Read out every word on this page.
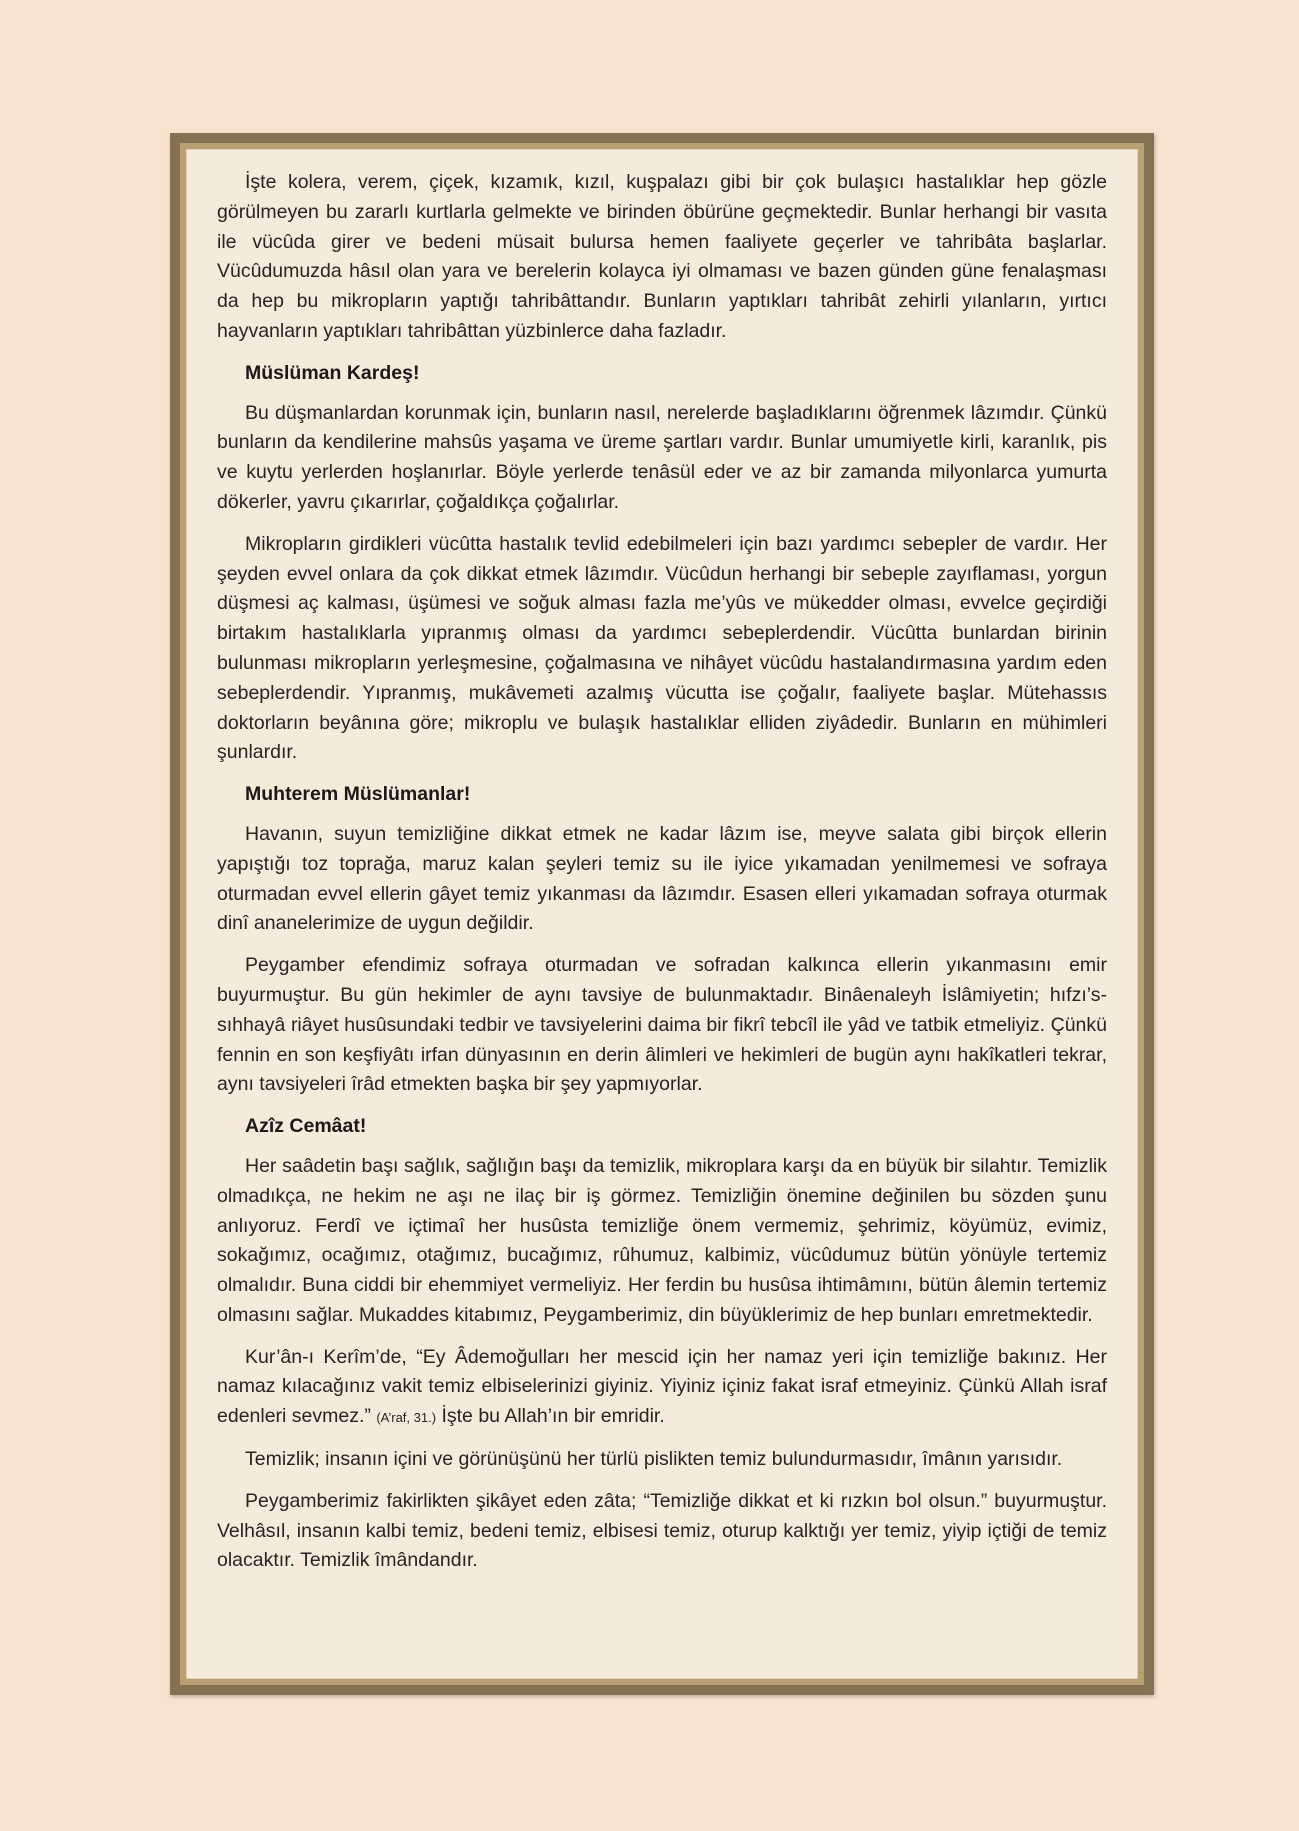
İşte kolera, verem, çiçek, kızamık, kızıl, kuşpalazı gibi bir çok bulaşıcı hastalıklar hep gözle görülmeyen bu zararlı kurtlarla gelmekte ve birinden öbürüne geçmektedir. Bunlar herhangi bir vasıta ile vücûda girer ve bedeni müsait bulursa hemen faaliyete geçerler ve tahribâta başlarlar. Vücûdumuzda hâsıl olan yara ve berelerin kolayca iyi olmaması ve bazen günden güne fenalaşması da hep bu mikropların yaptığı tahribâttandır. Bunların yaptıkları tahribât zehirli yılanların, yırtıcı hayvanların yaptıkları tahribâttan yüzbinlerce daha fazladır.

Müslüman Kardeş!

Bu düşmanlardan korunmak için, bunların nasıl, nerelerde başladıklarını öğrenmek lâzımdır. Çünkü bunların da kendilerine mahsûs yaşama ve üreme şartları vardır. Bunlar umumiyetle kirli, karanlık, pis ve kuytu yerlerden hoşlanırlar. Böyle yerlerde tenâsül eder ve az bir zamanda milyonlarca yumurta dökerler, yavru çıkarırlar, çoğaldıkça çoğalırlar.

Mikropların girdikleri vücûtta hastalık tevlid edebilmeleri için bazı yardımcı sebepler de vardır. Her şeyden evvel onlara da çok dikkat etmek lâzımdır. Vücûdun herhangi bir sebeple zayıflaması, yorgun düşmesi aç kalması, üşümesi ve soğuk alması fazla me’yûs ve mükedder olması, evvelce geçirdiği birtakım hastalıklarla yıpranmış olması da yardımcı sebeplerdendir. Vücûtta bunlardan birinin bulunması mikropların yerleşmesine, çoğalmasına ve nihâyet vücûdu hastalandırmasına yardım eden sebeplerdendir. Yıpranmış, mukâvemeti azalmış vücutta ise çoğalır, faaliyete başlar. Mütehassıs doktorların beyânına göre; mikroplu ve bulaşık hastalıklar elliden ziyâdedir. Bunların en mühimleri şunlardır.

Muhterem Müslümanlar!

Havanın, suyun temizliğine dikkat etmek ne kadar lâzım ise, meyve salata gibi birçok ellerin yapıştığı toz toprağa, maruz kalan şeyleri temiz su ile iyice yıkamadan yenilmemesi ve sofraya oturmadan evvel ellerin gâyet temiz yıkanması da lâzımdır. Esasen elleri yıkamadan sofraya oturmak dinî ananelerimize de uygun değildir.

Peygamber efendimiz sofraya oturmadan ve sofradan kalkınca ellerin yıkanmasını emir buyurmuştur. Bu gün hekimler de aynı tavsiye de bulunmaktadır. Binâenaleyh İslâmiyetin; hıfzı’s-sıhhayâ riâyet husûsundaki tedbir ve tavsiyelerini daima bir fikrî tebcîl ile yâd ve tatbik etmeliyiz. Çünkü fennin en son keşfiyâtı irfan dünyasının en derin âlimleri ve hekimleri de bugün aynı hakîkatleri tekrar, aynı tavsiyeleri îrâd etmekten başka bir şey yapmıyorlar.

Azîz Cemâat!

Her saâdetin başı sağlık, sağlığın başı da temizlik, mikroplara karşı da en büyük bir silahtır. Temizlik olmadıkça, ne hekim ne aşı ne ilaç bir iş görmez. Temizliğin önemine değinilen bu sözden şunu anlıyoruz. Ferdî ve içtimaî her husûsta temizliğe önem vermemiz, şehrimiz, köyümüz, evimiz, sokağımız, ocağımız, otağımız, bucağımız, rûhumuz, kalbimiz, vücûdumuz bütün yönüyle tertemiz olmalıdır. Buna ciddi bir ehemmiyet vermeliyiz. Her ferdin bu husûsa ihtimâmını, bütün âlemin tertemiz olmasını sağlar. Mukaddes kitabımız, Peygamberimiz, din büyüklerimiz de hep bunları emretmektedir.

Kur’ân-ı Kerîm’de, “Ey Âdemoğulları her mescid için her namaz yeri için temizliğe bakınız. Her namaz kılacağınız vakit temiz elbiselerinizi giyiniz. Yiyiniz içiniz fakat israf etmeyiniz. Çünkü Allah israf edenleri sevmez.” (A’raf, 31.) İşte bu Allah’ın bir emridir.

Temizlik; insanın içini ve görünüşünü her türlü pislikten temiz bulundurmasıdır, îmânın yarısıdır.

Peygamberimiz fakirlikten şikâyet eden zâta; “Temizliğe dikkat et ki rızkın bol olsun.” buyurmuştur. Velhâsıl, insanın kalbi temiz, bedeni temiz, elbisesi temiz, oturup kalktığı yer temiz, yiyip içtiği de temiz olacaktır. Temizlik îmândandır.
